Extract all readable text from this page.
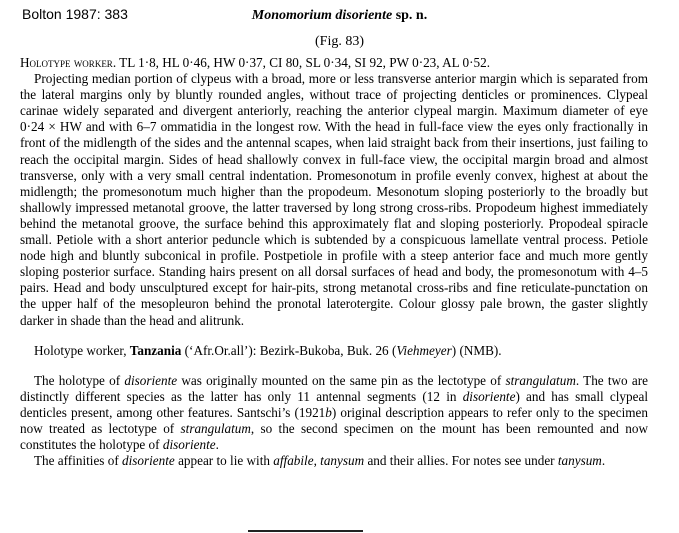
Bolton 1987: 383	Monomorium disoriente sp. n.
(Fig. 83)

Holotype worker. TL 1·8, HL 0·46, HW 0·37, CI 80, SL 0·34, SI 92, PW 0·23, AL 0·52.

Projecting median portion of clypeus with a broad, more or less transverse anterior margin which is separated from the lateral margins only by bluntly rounded angles, without trace of projecting denticles or prominences. Clypeal carinae widely separated and divergent anteriorly, reaching the anterior clypeal margin. Maximum diameter of eye 0·24 × HW and with 6–7 ommatidia in the longest row. With the head in full-face view the eyes only fractionally in front of the midlength of the sides and the antennal scapes, when laid straight back from their insertions, just failing to reach the occipital margin. Sides of head shallowly convex in full-face view, the occipital margin broad and almost transverse, only with a very small central indentation. Promesonotum in profile evenly convex, highest at about the midlength; the promesonotum much higher than the propodeum. Mesonotum sloping posteriorly to the broadly but shallowly impressed metanotal groove, the latter traversed by long strong cross-ribs. Propodeum highest immediately behind the metanotal groove, the surface behind this approximately flat and sloping posteriorly. Propodeal spiracle small. Petiole with a short anterior peduncle which is subtended by a conspicuous lamellate ventral process. Petiole node high and bluntly subconical in profile. Postpetiole in profile with a steep anterior face and much more gently sloping posterior surface. Standing hairs present on all dorsal surfaces of head and body, the promesonotum with 4–5 pairs. Head and body unsculptured except for hair-pits, strong metanotal cross-ribs and fine reticulate-punctation on the upper half of the mesopleuron behind the pronotal laterotergite. Colour glossy pale brown, the gaster slightly darker in shade than the head and alitrunk.

Holotype worker, Tanzania (‘Afr.Or.all’): Bezirk-Bukoba, Buk. 26 (Viehmeyer) (NMB).

The holotype of disoriente was originally mounted on the same pin as the lectotype of strangulatum. The two are distinctly different species as the latter has only 11 antennal segments (12 in disoriente) and has small clypeal denticles present, among other features. Santschi’s (1921b) original description appears to refer only to the specimen now treated as lectotype of strangulatum, so the second specimen on the mount has been remounted and now constitutes the holotype of disoriente.

The affinities of disoriente appear to lie with affabile, tanysum and their allies. For notes see under tanysum.
